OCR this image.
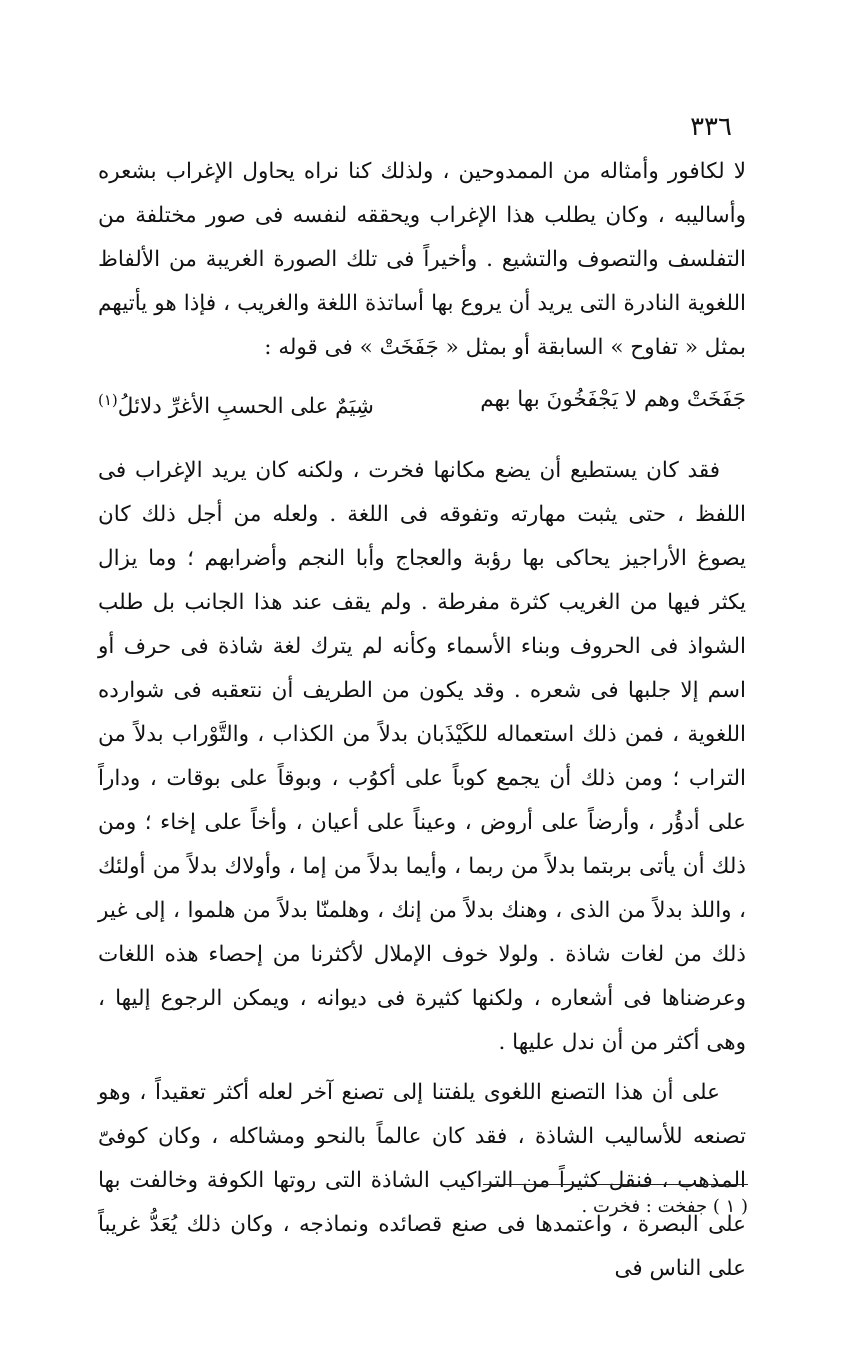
٣٣٦

لا لكافور وأمثاله من الممدوحين ، ولذلك كنا نراه يحاول الإغراب بشعره وأساليبه ، وكان يطلب هذا الإغراب ويحققه لنفسه فى صور مختلفة من التفلسف والتصوف والتشيع . وأخيراً فى تلك الصورة الغريبة من الألفاظ اللغوية النادرة التى يريد أن يروع بها أساتذة اللغة والغريب ، فإذا هو يأتيهم بمثل « تفاوح » السابقة أو بمثل « جَفَخَتْ » فى قوله :

جَفَخَتْ وهم لا يَجْفَخُونَ بها بهم
شِيَمٌ على الحسبِ الأغرِّ دلائلُ$^{(١)}$

فقد كان يستطيع أن يضع مكانها فخرت ، ولكنه كان يريد الإغراب فى اللفظ ، حتى يثبت مهارته وتفوقه فى اللغة . ولعله من أجل ذلك كان يصوغ الأراجيز يحاكى بها رؤبة والعجاج وأبا النجم وأضرابهم ؛ وما يزال يكثر فيها من الغريب كثرة مفرطة . ولم يقف عند هذا الجانب بل طلب الشواذ فى الحروف وبناء الأسماء وكأنه لم يترك لغة شاذة فى حرف أو اسم إلا جلبها فى شعره . وقد يكون من الطريف أن نتعقبه فى شوارده اللغوية ، فمن ذلك استعماله للكَيْذَبان بدلاً من الكذاب ، والتَّوْراب بدلاً من التراب ؛ ومن ذلك أن يجمع كوباً على أكوُب ، وبوقاً على بوقات ، وداراً على أدؤُر ، وأرضاً على أروض ، وعيناً على أعيان ، وأخاً على إخاء ؛ ومن ذلك أن يأتى بربتما بدلاً من ربما ، وأيما بدلاً من إما ، وأولاك بدلاً من أولئك ، واللذ بدلاً من الذى ، وهنك بدلاً من إنك ، وهلمنّا بدلاً من هلموا ، إلى غير ذلك من لغات شاذة . ولولا خوف الإملال لأكثرنا من إحصاء هذه اللغات وعرضناها فى أشعاره ، ولكنها كثيرة فى ديوانه ، ويمكن الرجوع إليها ، وهى أكثر من أن ندل عليها .

على أن هذا التصنع اللغوى يلفتنا إلى تصنع آخر لعله أكثر تعقيداً ، وهو تصنعه للأساليب الشاذة ، فقد كان عالماً بالنحو ومشاكله ، وكان كوفىّ المذهب ، فنقل كثيراً من التراكيب الشاذة التى روتها الكوفة وخالفت بها على البصرة ، واعتمدها فى صنع قصائده ونماذجه ، وكان ذلك يُعَدُّ غريباً على الناس فى

( ١ ) جفخت : فخرت .
